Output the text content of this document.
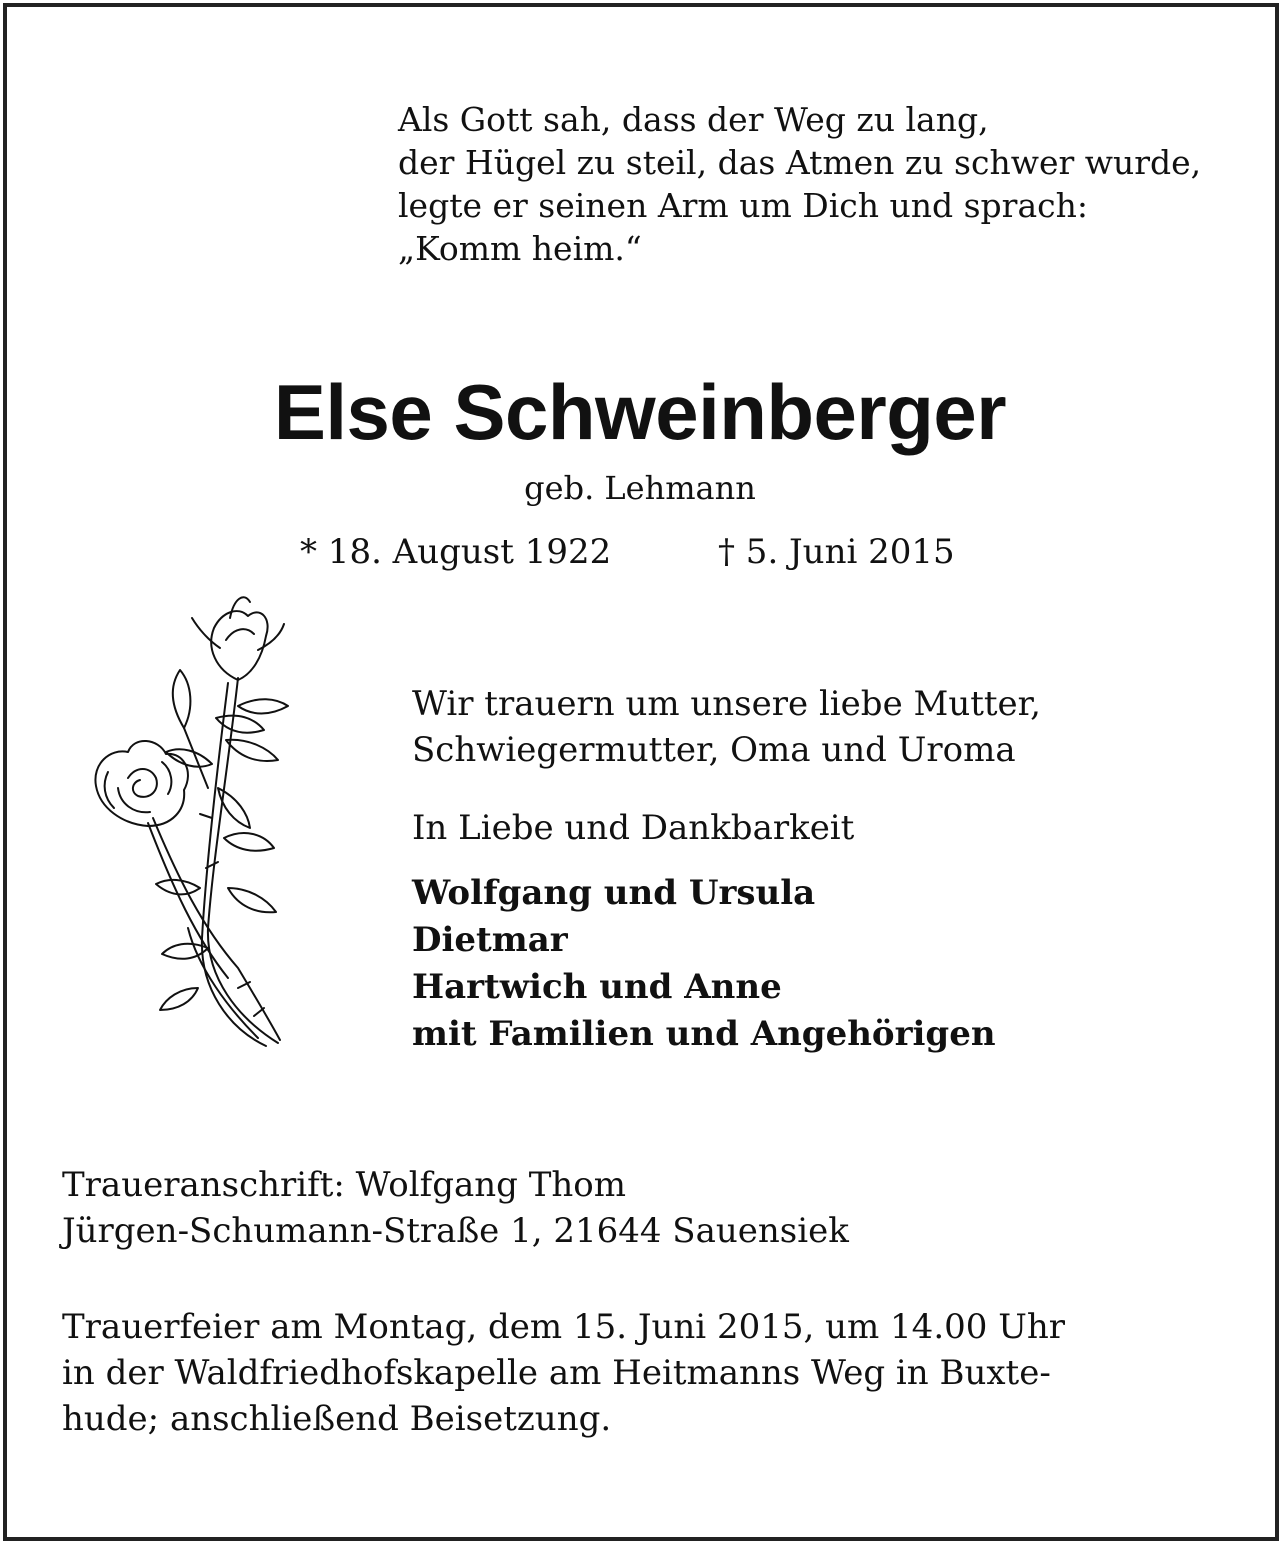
Als Gott sah, dass der Weg zu lang,
der Hügel zu steil, das Atmen zu schwer wurde,
legte er seinen Arm um Dich und sprach:
„Komm heim.“
Else Schweinberger
geb. Lehmann
* 18. August 1922	† 5. Juni 2015
Wir trauern um unsere liebe Mutter,
Schwiegermutter, Oma und Uroma
In Liebe und Dankbarkeit
Wolfgang und Ursula
Dietmar
Hartwich und Anne
mit Familien und Angehörigen
Traueranschrift: Wolfgang Thom
Jürgen-Schumann-Straße 1, 21644 Sauensiek
Trauerfeier am Montag, dem 15. Juni 2015, um 14.00 Uhr
in der Waldfriedhofskapelle am Heitmanns Weg in Buxte-
hude; anschließend Beisetzung.
